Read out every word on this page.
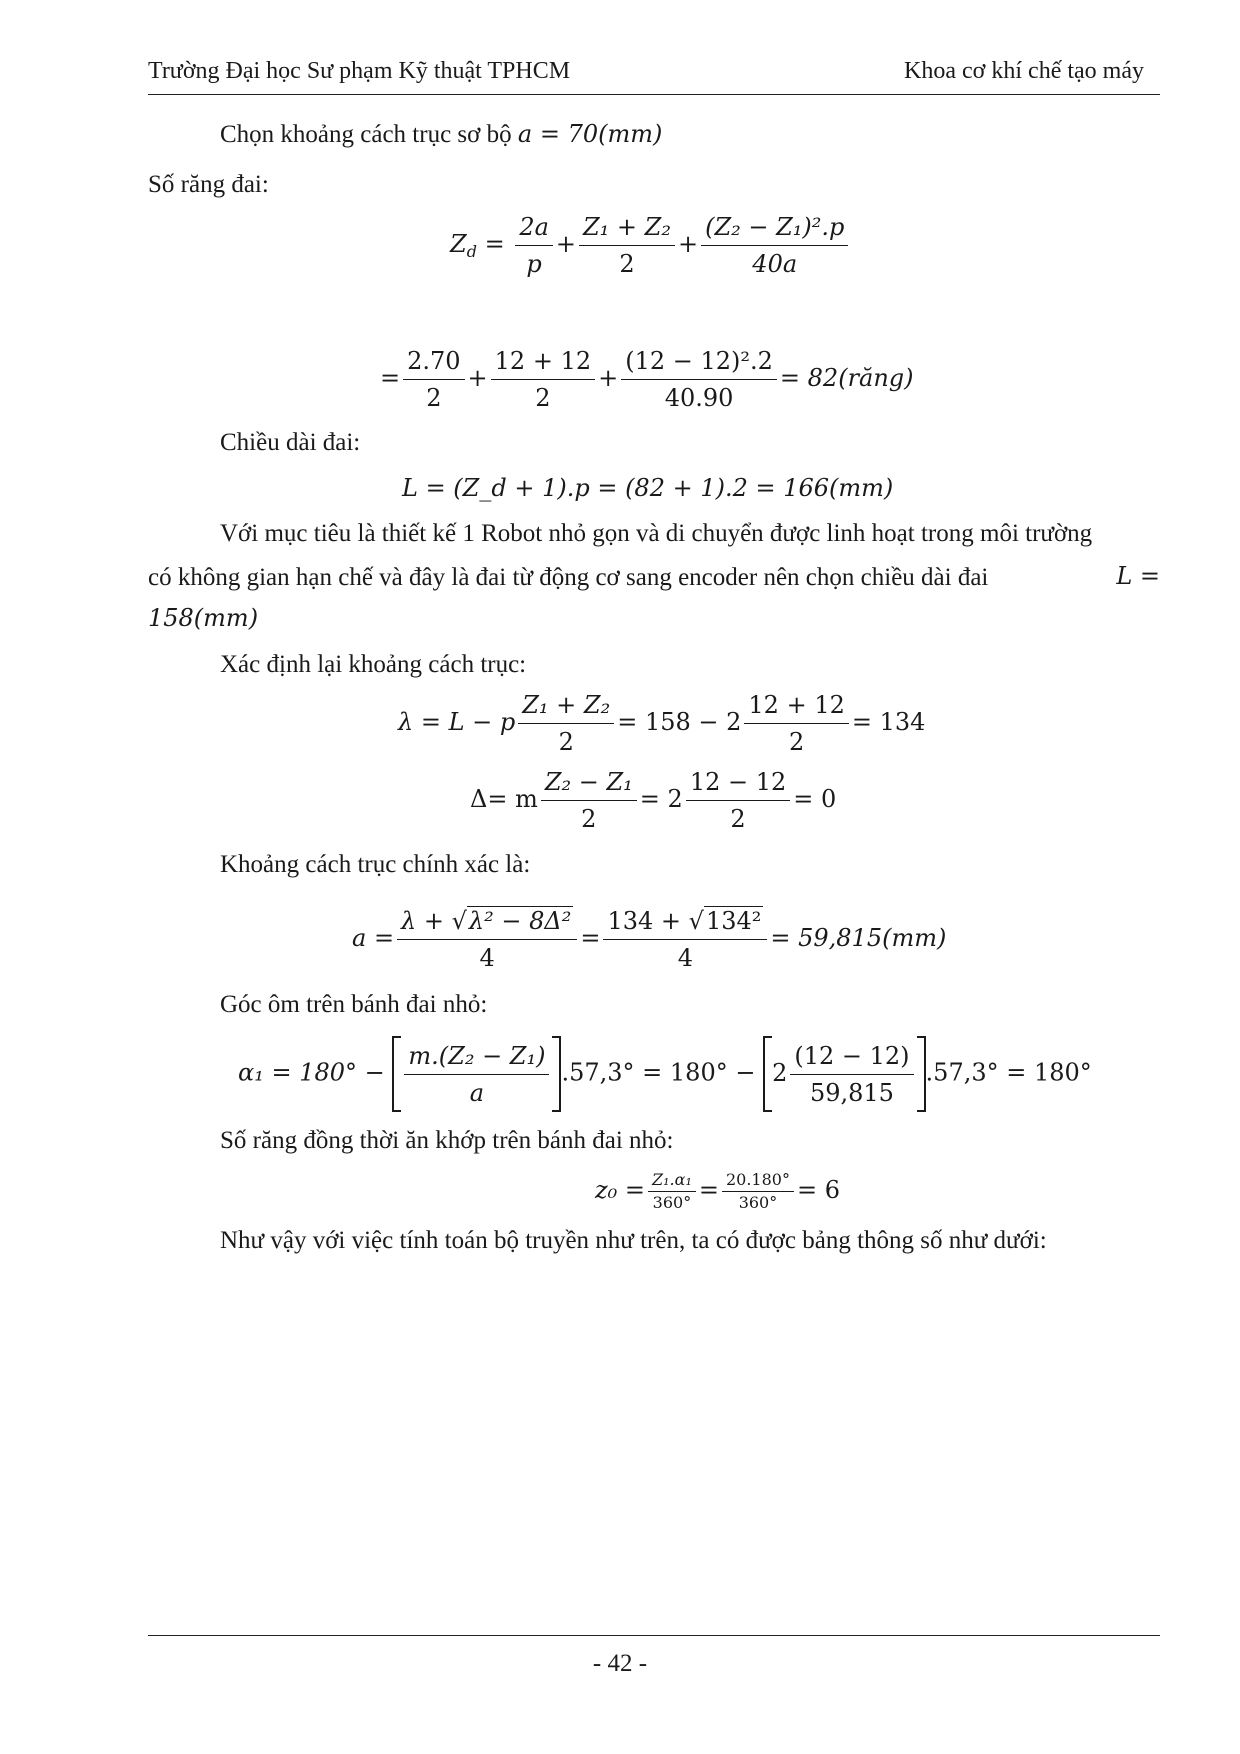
Trường Đại học Sư phạm Kỹ thuật TPHCM	Khoa cơ khí chế tạo máy
Chọn khoảng cách trục sơ bộ a = 70(mm)
Số răng đai:
$Z_d = \frac{2a}{p} + \frac{\text{Z₁ + Z₂}}{2} + \frac{\text{(Z₂ − Z₁)².p}}{40a}$
= $\frac{2.70}{2} + \frac{12 + 12}{2} + \frac{\text{(12 − 12)².2}}{40.90}$ = 82(răng)
Chiều dài đai:
L = (Z_d + 1).p = (82 + 1).2 = 166(mm)
Với mục tiêu là thiết kế 1 Robot nhỏ gọn và di chuyển được linh hoạt trong môi trường
có không gian hạn chế và đây là đai từ động cơ sang encoder nên chọn chiều dài đai	L =
158(mm)
Xác định lại khoảng cách trục:
λ = L − p $\frac{\text{Z₁ + Z₂}}{2} = 158 - 2 \frac{12 + 12}{2} = 134$
Δ= m $\frac{\text{Z₂ − Z₁}}{2} = 2 \frac{12 - 12}{2} = 0$
Khoảng cách trục chính xác là:
$a = \frac{\text{λ + √λ² − 8Δ²}}{4} = \frac{\text{134 + √134²}}{4} = 59,815(mm)$
Góc ôm trên bánh đai nhỏ:
$\alpha_1 = 180^\circ - \frac{\text{m.(Z₂ − Z₁)}}{a} .57,3^\circ = 180^\circ - 2 \frac{(12 - 12)}{59,815} .57,3^\circ = 180^\circ$
Số răng đồng thời ăn khớp trên bánh đai nhỏ:
$z_0 = \frac{\text{Z₁.α₁}}{360^\circ} = \frac{20.180^\circ}{360^\circ} = 6$
Như vậy với việc tính toán bộ truyền như trên, ta có được bảng thông số như dưới:
- 42 -
